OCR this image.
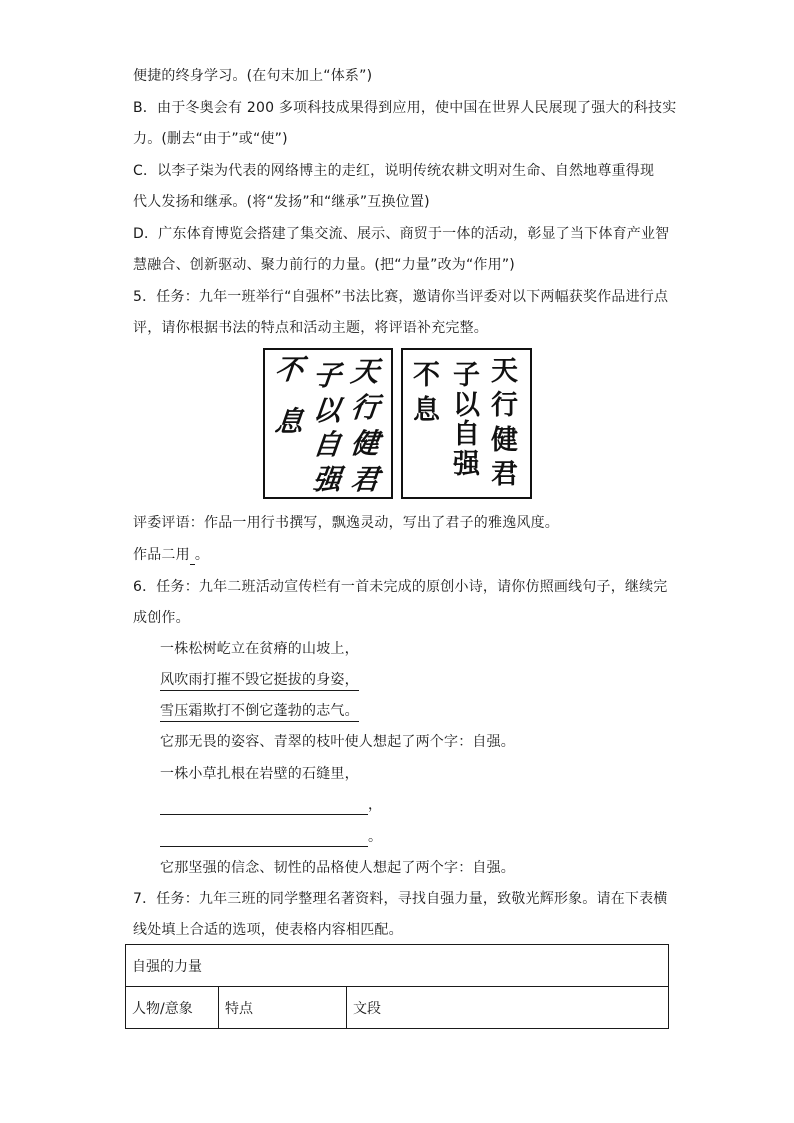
便捷的终身学习。(在句末加上“体系”)
B．由于冬奥会有 200 多项科技成果得到应用，使中国在世界人民展现了强大的科技实
力。(删去“由于”或“使”)
C．以李子柒为代表的网络博主的走红，说明传统农耕文明对生命、自然地尊重得现
代人发扬和继承。(将“发扬”和“继承”互换位置)
D．广东体育博览会搭建了集交流、展示、商贸于一体的活动，彰显了当下体育产业智
慧融合、创新驱动、聚力前行的力量。(把“力量”改为“作用”)
5．任务：九年一班举行“自强杯”书法比赛，邀请你当评委对以下两幅获奖作品进行点
评，请你根据书法的特点和活动主题，将评语补充完整。
天
行
健
君
子
以
自
强
不
息
天
行
健
君
子
以
自
强
不
息
评委评语：作品一用行书撰写，飘逸灵动，写出了君子的雅逸风度。
作品二用 。
6．任务：九年二班活动宣传栏有一首未完成的原创小诗，请你仿照画线句子，继续完
成创作。
一株松树屹立在贫瘠的山坡上，
风吹雨打摧不毁它挺拔的身姿，
雪压霜欺打不倒它蓬勃的志气。
它那无畏的姿容、青翠的枝叶使人想起了两个字：自强。
一株小草扎根在岩壁的石缝里，
，
。
它那坚强的信念、韧性的品格使人想起了两个字：自强。
7．任务：九年三班的同学整理名著资料，寻找自强力量，致敬光辉形象。请在下表横
线处填上合适的选项，使表格内容相匹配。
自强的力量
人物/意象	特点	文段
